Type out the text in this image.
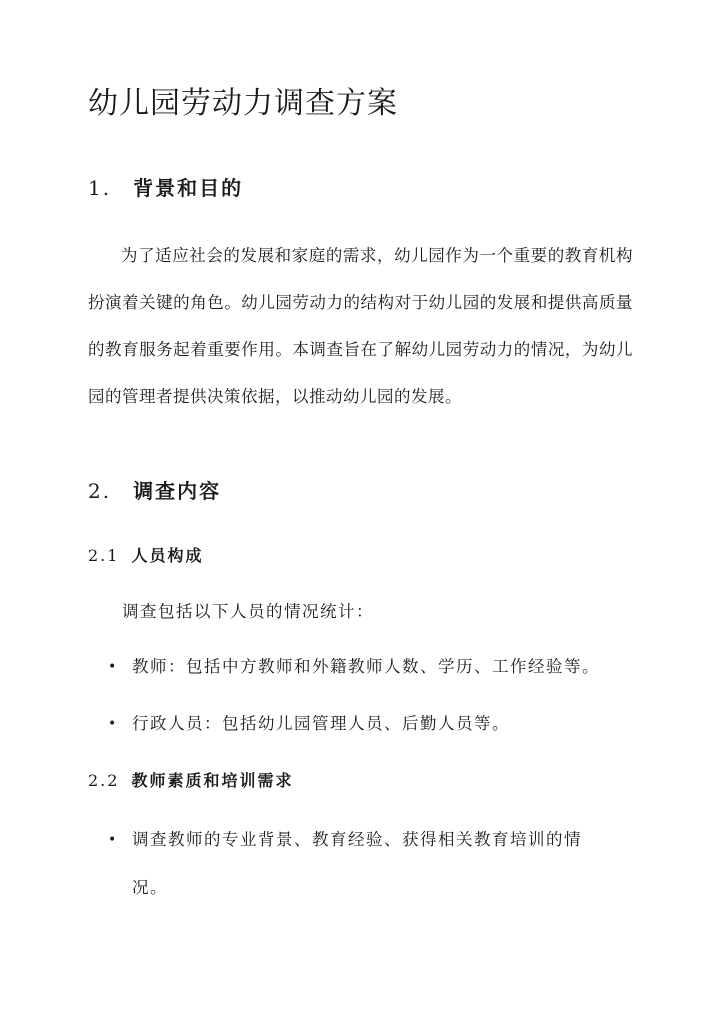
幼儿园劳动力调查方案
1. 背景和目的

为了适应社会的发展和家庭的需求，幼儿园作为一个重要的教育机构扮演着关键的角色。幼儿园劳动力的结构对于幼儿园的发展和提供高质量的教育服务起着重要作用。本调查旨在了解幼儿园劳动力的情况，为幼儿园的管理者提供决策依据，以推动幼儿园的发展。

2. 调查内容
2.1 人员构成

调查包括以下人员的情况统计：

• 教师：包括中方教师和外籍教师人数、学历、工作经验等。
• 行政人员：包括幼儿园管理人员、后勤人员等。
2.2 教师素质和培训需求
• 调查教师的专业背景、教育经验、获得相关教育培训的情况。
